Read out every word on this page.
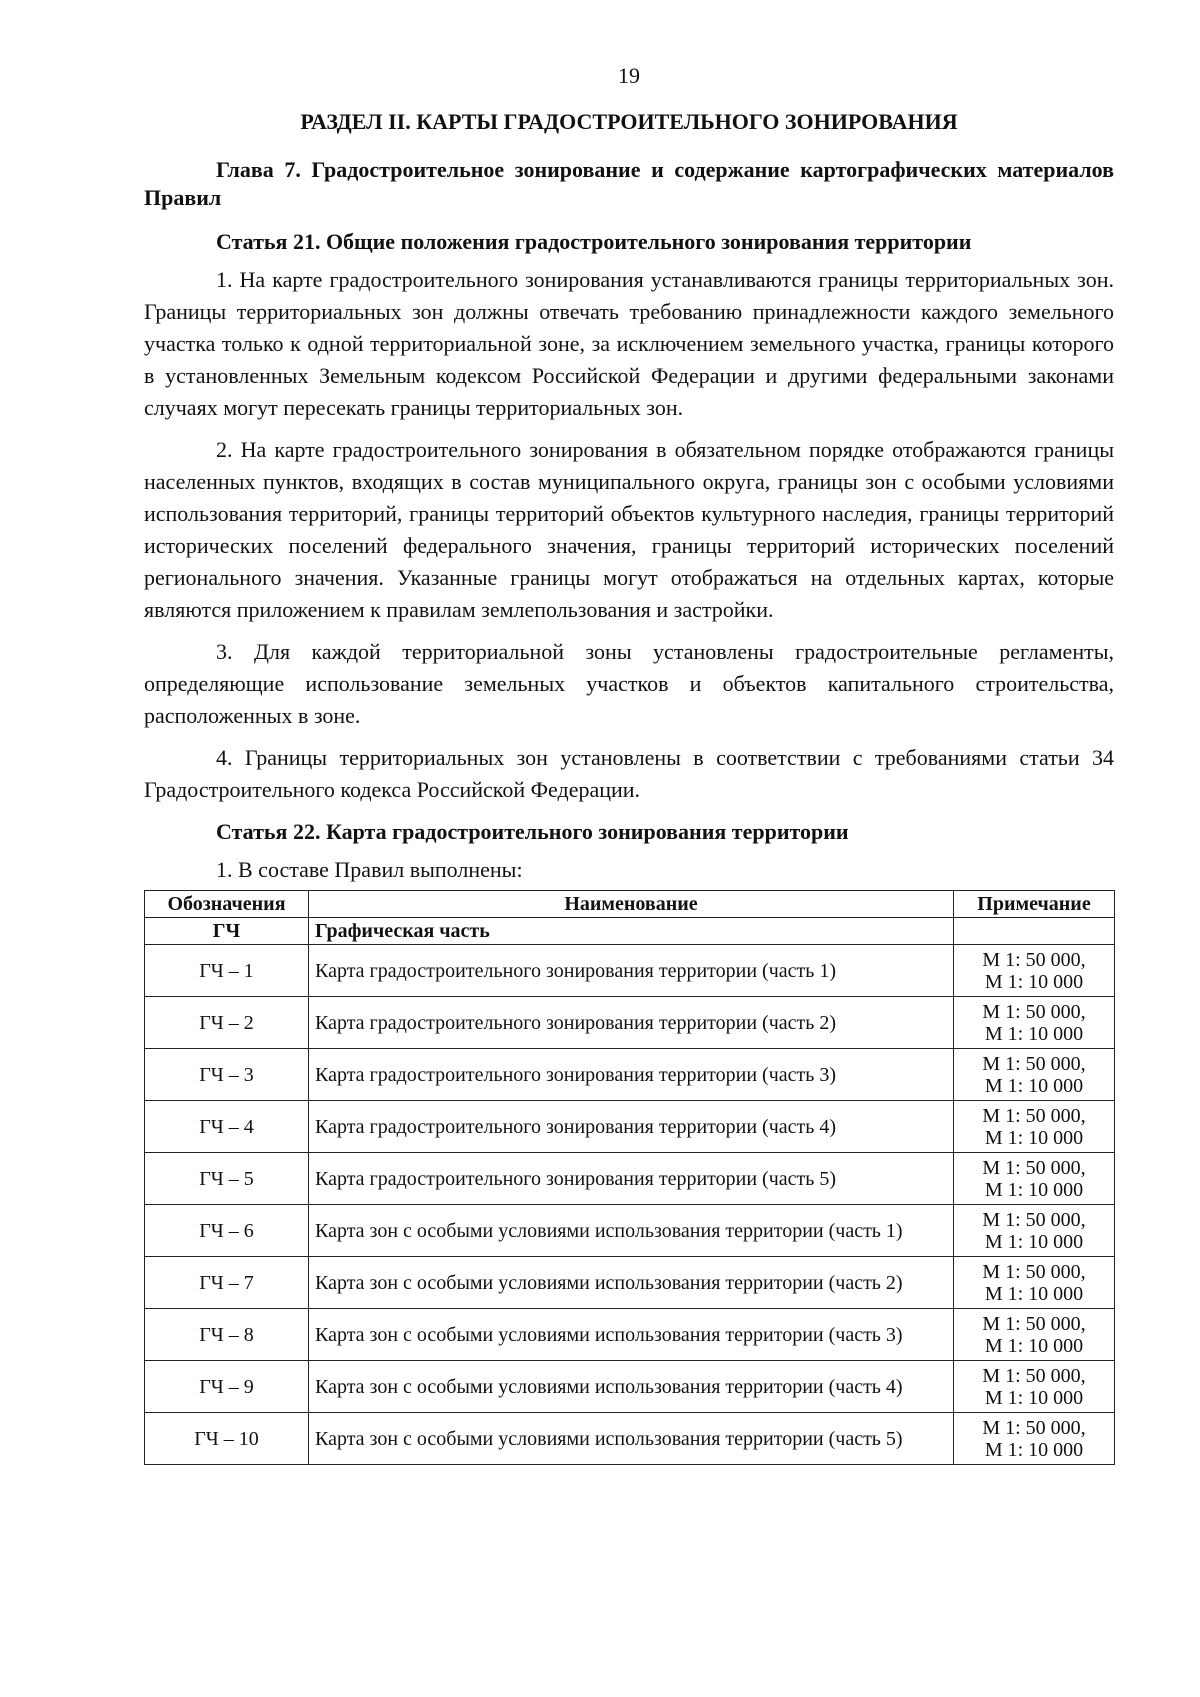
19
РАЗДЕЛ II. КАРТЫ ГРАДОСТРОИТЕЛЬНОГО ЗОНИРОВАНИЯ
Глава 7. Градостроительное зонирование и содержание картографических материалов Правил
Статья 21. Общие положения градостроительного зонирования территории

1. На карте градостроительного зонирования устанавливаются границы территориальных зон. Границы территориальных зон должны отвечать требованию принадлежности каждого земельного участка только к одной территориальной зоне, за исключением земельного участка, границы которого в установленных Земельным кодексом Российской Федерации и другими федеральными законами случаях могут пересекать границы территориальных зон.

2. На карте градостроительного зонирования в обязательном порядке отображаются границы населенных пунктов, входящих в состав муниципального округа, границы зон с особыми условиями использования территорий, границы территорий объектов культурного наследия, границы территорий исторических поселений федерального значения, границы территорий исторических поселений регионального значения. Указанные границы могут отображаться на отдельных картах, которые являются приложением к правилам землепользования и застройки.

3. Для каждой территориальной зоны установлены градостроительные регламенты, определяющие использование земельных участков и объектов капитального строительства, расположенных в зоне.

4. Границы территориальных зон установлены в соответствии с требованиями статьи 34 Градостроительного кодекса Российской Федерации.

Статья 22. Карта градостроительного зонирования территории
1. В составе Правил выполнены:
Обозначения	Наименование	Примечание
ГЧ	Графическая часть	
ГЧ – 1	Карта градостроительного зонирования территории (часть 1)	М 1: 50 000,
М 1: 10 000

ГЧ – 2	Карта градостроительного зонирования территории (часть 2)	М 1: 50 000,
М 1: 10 000

ГЧ – 3	Карта градостроительного зонирования территории (часть 3)	М 1: 50 000,
М 1: 10 000

ГЧ – 4	Карта градостроительного зонирования территории (часть 4)	М 1: 50 000,
М 1: 10 000

ГЧ – 5	Карта градостроительного зонирования территории (часть 5)	М 1: 50 000,
М 1: 10 000

ГЧ – 6	Карта зон с особыми условиями использования территории (часть 1)	М 1: 50 000,
М 1: 10 000

ГЧ – 7	Карта зон с особыми условиями использования территории (часть 2)	М 1: 50 000,
М 1: 10 000

ГЧ – 8	Карта зон с особыми условиями использования территории (часть 3)	М 1: 50 000,
М 1: 10 000

ГЧ – 9	Карта зон с особыми условиями использования территории (часть 4)	М 1: 50 000,
М 1: 10 000

ГЧ – 10	Карта зон с особыми условиями использования территории (часть 5)	М 1: 50 000,
М 1: 10 000
